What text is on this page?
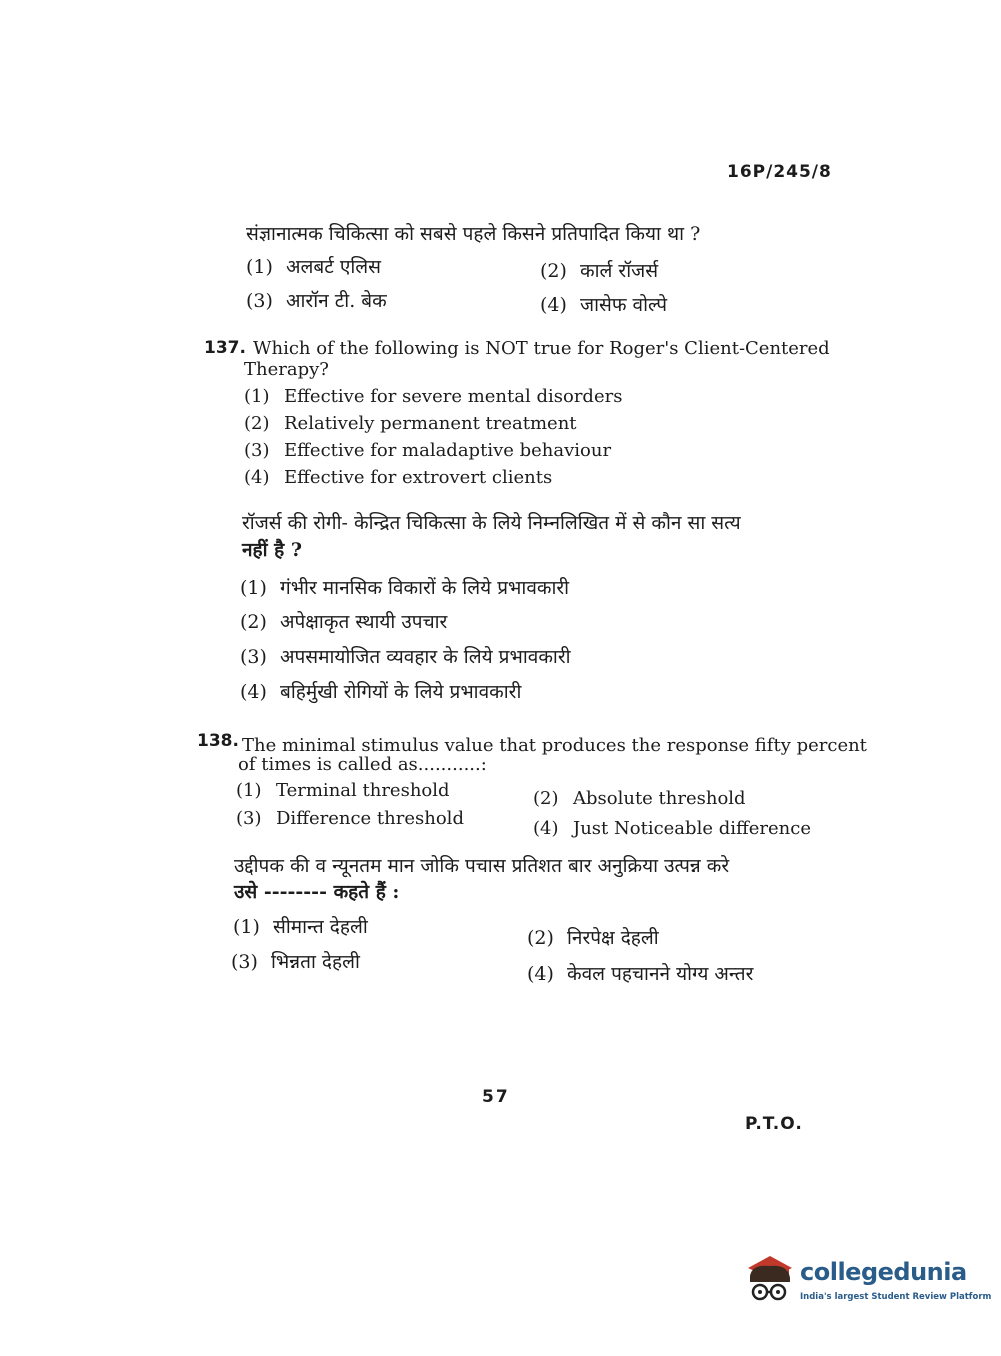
16P/245/8
संज्ञानात्मक चिकित्सा को सबसे पहले किसने प्रतिपादित किया था ?
(1) अलबर्ट एलिस	(2) कार्ल रॉजर्स
(3) आरॉन टी. बेक	(4) जासेफ वोल्पे
137. Which of the following is NOT true for Roger's Client-Centered
Therapy?
(1) Effective for severe mental disorders
(2) Relatively permanent treatment
(3) Effective for maladaptive behaviour
(4) Effective for extrovert clients
रॉजर्स की रोगी- केन्द्रित चिकित्सा के लिये निम्नलिखित में से कौन सा सत्य
नहीं है ?
(1) गंभीर मानसिक विकारों के लिये प्रभावकारी
(2) अपेक्षाकृत स्थायी उपचार
(3) अपसमायोजित व्यवहार के लिये प्रभावकारी
(4) बहिर्मुखी रोगियों के लिये प्रभावकारी
138. The minimal stimulus value that produces the response fifty percent
of times is called as...........:
(1) Terminal threshold	(2) Absolute threshold
(3) Difference threshold	(4) Just Noticeable difference
उद्दीपक की व न्यूनतम मान जोकि पचास प्रतिशत बार अनुक्रिया उत्पन्न करे
उसे -------- कहते हैं :
(1) सीमान्त देहली	(2) निरपेक्ष देहली
(3) भिन्नता देहली
(4) केवल पहचानने योग्य अन्तर
57
P.T.O.
collegedunia
India's largest Student Review Platform
